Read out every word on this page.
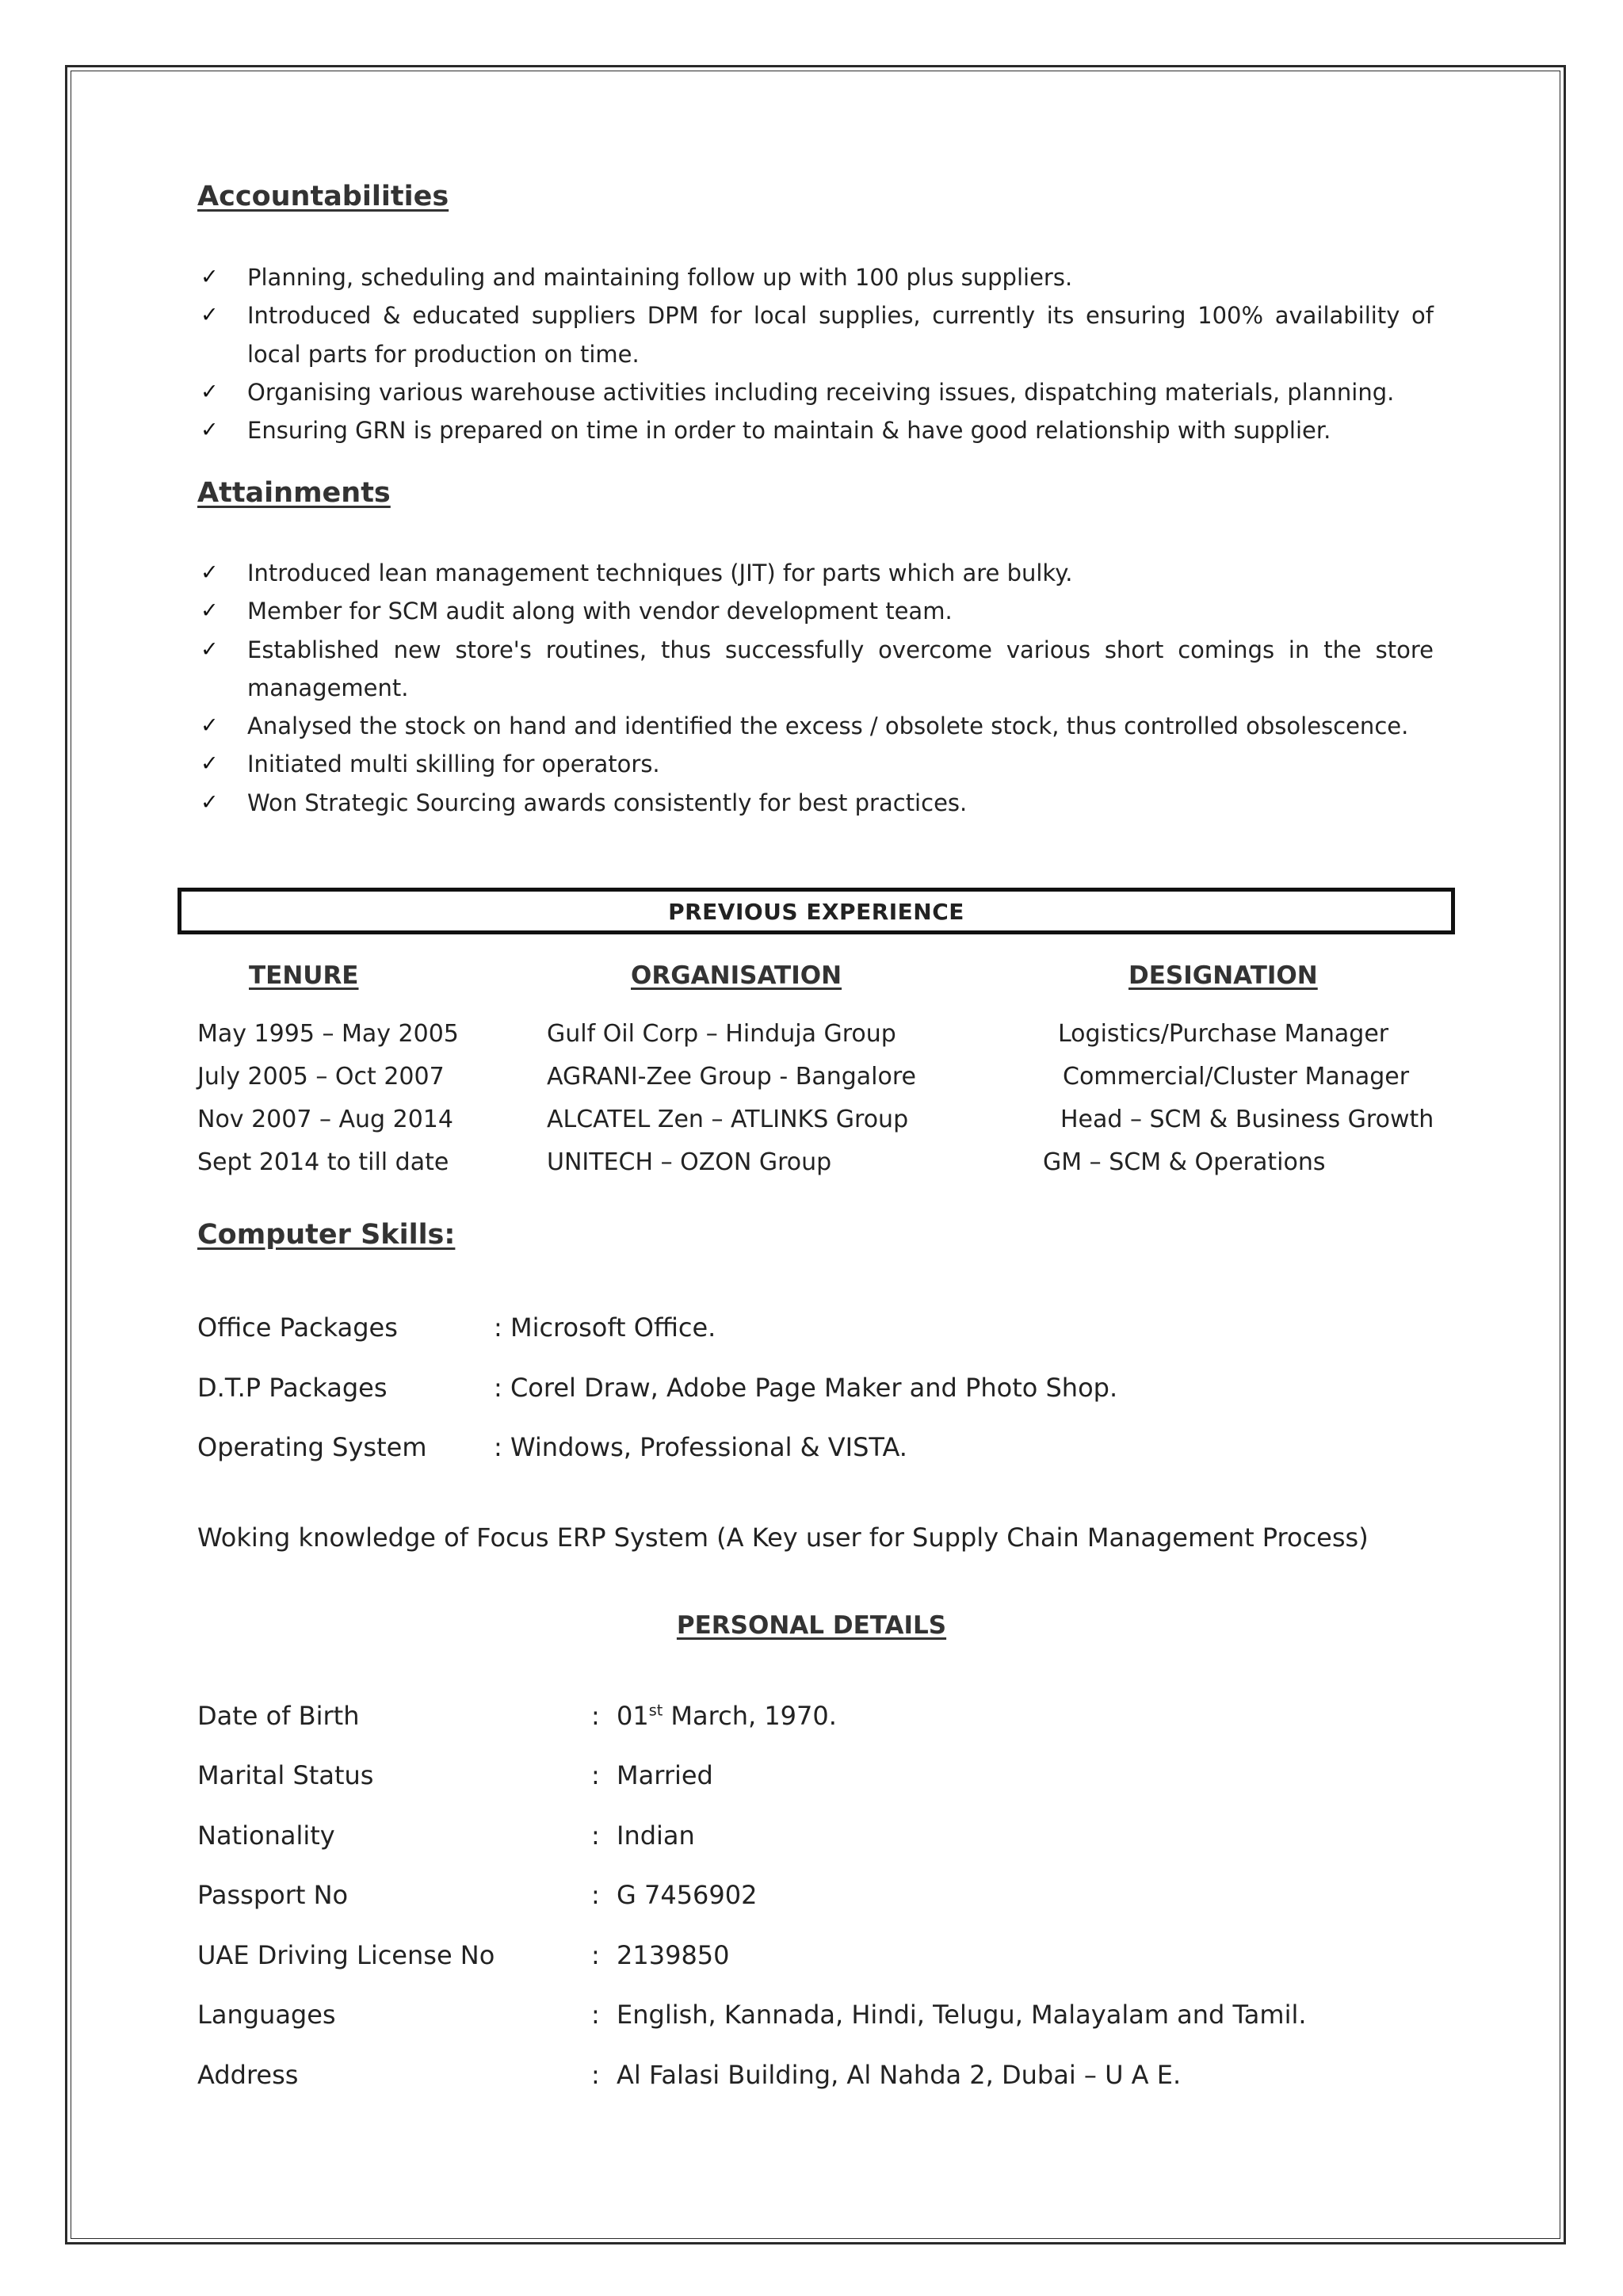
Accountabilities
✓ Planning, scheduling and maintaining follow up with 100 plus suppliers.
✓ Introduced & educated suppliers DPM for local supplies, currently its ensuring 100% availability of local parts for production on time.
✓ Organising various warehouse activities including receiving issues, dispatching materials, planning.
✓ Ensuring GRN is prepared on time in order to maintain & have good relationship with supplier.
Attainments
✓ Introduced lean management techniques (JIT) for parts which are bulky.
✓ Member for SCM audit along with vendor development team.
✓ Established new store's routines, thus successfully overcome various short comings in the store management.
✓ Analysed the stock on hand and identified the excess / obsolete stock, thus controlled obsolescence.
✓ Initiated multi skilling for operators.
✓ Won Strategic Sourcing awards consistently for best practices.
PREVIOUS EXPERIENCE
TENURE	ORGANISATION	DESIGNATION
May 1995 – May 2005	Gulf Oil Corp – Hinduja Group	Logistics/Purchase Manager
July 2005 – Oct 2007	AGRANI-Zee Group - Bangalore	Commercial/Cluster Manager
Nov 2007 – Aug 2014	ALCATEL Zen – ATLINKS Group	Head – SCM & Business Growth
Sept 2014 to till date	UNITECH – OZON Group	GM – SCM & Operations
Computer Skills:
Office Packages	: Microsoft Office.
D.T.P Packages	: Corel Draw, Adobe Page Maker and Photo Shop.
Operating System	: Windows, Professional & VISTA.
Woking knowledge of Focus ERP System (A Key user for Supply Chain Management Process)
PERSONAL DETAILS
Date of Birth	: 01st March, 1970.
Marital Status	: Married
Nationality	: Indian
Passport No	: G 7456902
UAE Driving License No	: 2139850
Languages	: English, Kannada, Hindi, Telugu, Malayalam and Tamil.
Address	: Al Falasi Building, Al Nahda 2, Dubai – U A E.
